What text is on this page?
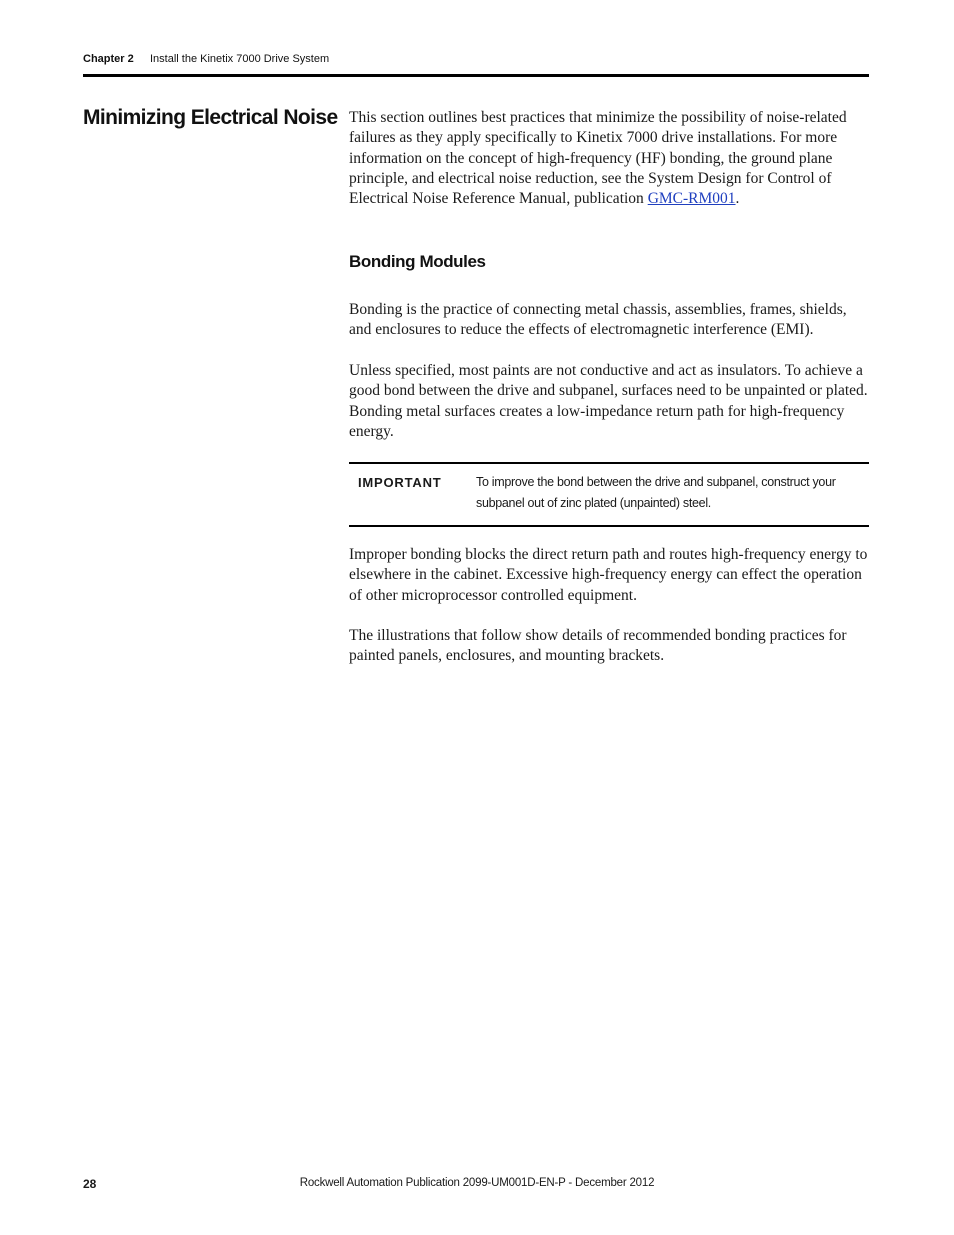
Chapter 2 Install the Kinetix 7000 Drive System
Minimizing Electrical Noise This section outlines best practices that minimize the possibility of noise-related failures as they apply specifically to Kinetix 7000 drive installations. For more information on the concept of high-frequency (HF) bonding, the ground plane principle, and electrical noise reduction, see the System Design for Control of Electrical Noise Reference Manual, publication GMC-RM001.

Bonding Modules

Bonding is the practice of connecting metal chassis, assemblies, frames, shields, and enclosures to reduce the effects of electromagnetic interference (EMI).

Unless specified, most paints are not conductive and act as insulators. To achieve a good bond between the drive and subpanel, surfaces need to be unpainted or plated. Bonding metal surfaces creates a low-impedance return path for high-frequency energy.

IMPORTANT	To improve the bond between the drive and subpanel, construct your subpanel out of zinc plated (unpainted) steel.

Improper bonding blocks the direct return path and routes high-frequency energy to elsewhere in the cabinet. Excessive high-frequency energy can effect the operation of other microprocessor controlled equipment.

The illustrations that follow show details of recommended bonding practices for painted panels, enclosures, and mounting brackets.

28	Rockwell Automation Publication 2099-UM001D-EN-P - December 2012
